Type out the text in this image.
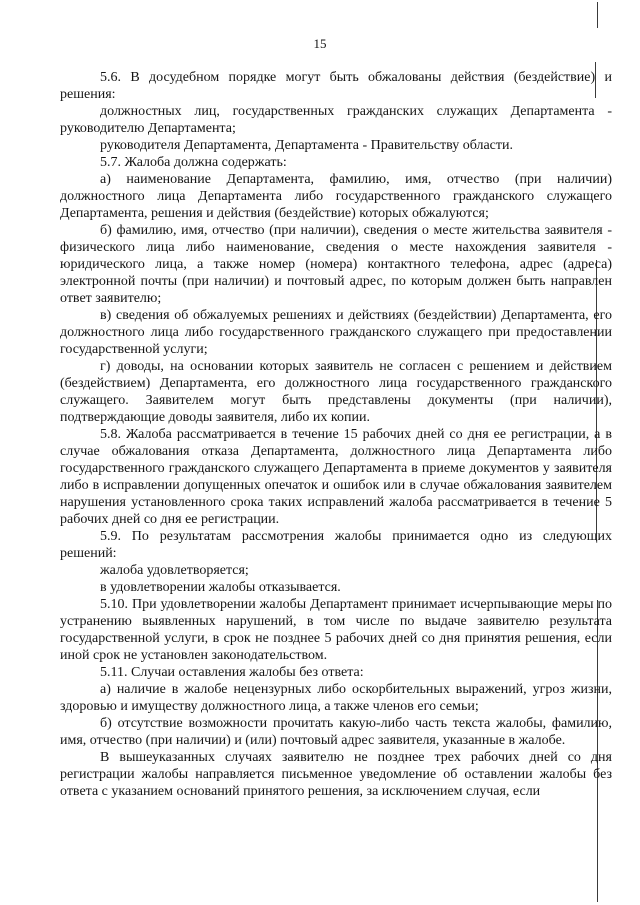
15

5.6. В досудебном порядке могут быть обжалованы действия (бездействие) и решения:

должностных лиц, государственных гражданских служащих Департамента - руководителю Департамента;

руководителя Департамента, Департамента - Правительству области.

5.7. Жалоба должна содержать:

а) наименование Департамента, фамилию, имя, отчество (при наличии) должностного лица Департамента либо государственного гражданского служащего Департамента, решения и действия (бездействие) которых обжалуются;

б) фамилию, имя, отчество (при наличии), сведения о месте жительства заявителя - физического лица либо наименование, сведения о месте нахождения заявителя - юридического лица, а также номер (номера) контактного телефона, адрес (адреса) электронной почты (при наличии) и почтовый адрес, по которым должен быть направлен ответ заявителю;

в) сведения об обжалуемых решениях и действиях (бездействии) Департамента, его должностного лица либо государственного гражданского служащего при предоставлении государственной услуги;

г) доводы, на основании которых заявитель не согласен с решением и действием (бездействием) Департамента, его должностного лица государственного гражданского служащего. Заявителем могут быть представлены документы (при наличии), подтверждающие доводы заявителя, либо их копии.

5.8. Жалоба рассматривается в течение 15 рабочих дней со дня ее регистрации, а в случае обжалования отказа Департамента, должностного лица Департамента либо государственного гражданского служащего Департамента в приеме документов у заявителя либо в исправлении допущенных опечаток и ошибок или в случае обжалования заявителем нарушения установленного срока таких исправлений жалоба рассматривается в течение 5 рабочих дней со дня ее регистрации.

5.9. По результатам рассмотрения жалобы принимается одно из следующих решений:

жалоба удовлетворяется;

в удовлетворении жалобы отказывается.

5.10. При удовлетворении жалобы Департамент принимает исчерпывающие меры по устранению выявленных нарушений, в том числе по выдаче заявителю результата государственной услуги, в срок не позднее 5 рабочих дней со дня принятия решения, если иной срок не установлен законодательством.

5.11. Случаи оставления жалобы без ответа:

а) наличие в жалобе нецензурных либо оскорбительных выражений, угроз жизни, здоровью и имуществу должностного лица, а также членов его семьи;

б) отсутствие возможности прочитать какую-либо часть текста жалобы, фамилию, имя, отчество (при наличии) и (или) почтовый адрес заявителя, указанные в жалобе.

В вышеуказанных случаях заявителю не позднее трех рабочих дней со дня регистрации жалобы направляется письменное уведомление об оставлении жалобы без ответа с указанием оснований принятого решения, за исключением случая, если
